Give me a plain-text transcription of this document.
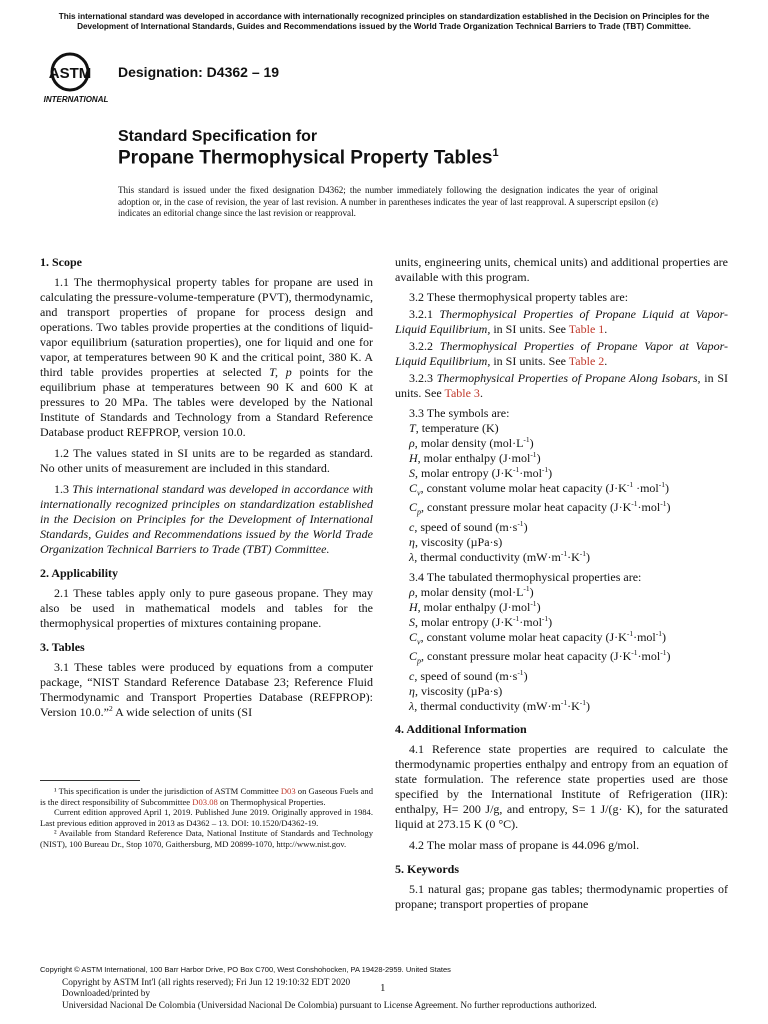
This international standard was developed in accordance with internationally recognized principles on standardization established in the Decision on Principles for the Development of International Standards, Guides and Recommendations issued by the World Trade Organization Technical Barriers to Trade (TBT) Committee.
ASTM
INTERNATIONAL
Designation: D4362 – 19
Standard Specification for
Propane Thermophysical Property Tables$^1$
This standard is issued under the fixed designation D4362; the number immediately following the designation indicates the year of original adoption or, in the case of revision, the year of last revision. A number in parentheses indicates the year of last reapproval. A superscript epsilon (ε) indicates an editorial change since the last revision or reapproval.
1. Scope

1.1 The thermophysical property tables for propane are used in calculating the pressure-volume-temperature (PVT), thermodynamic, and transport properties of propane for process design and operations. Two tables provide properties at the conditions of liquid-vapor equilibrium (saturation properties), one for liquid and one for vapor, at temperatures between 90 K and the critical point, 380 K. A third table provides properties at selected T, p points for the equilibrium phase at temperatures between 90 K and 600 K at pressures to 20 MPa. The tables were developed by the National Institute of Standards and Technology from a Standard Reference Database product REFPROP, version 10.0.

1.2 The values stated in SI units are to be regarded as standard. No other units of measurement are included in this standard.

1.3 This international standard was developed in accordance with internationally recognized principles on standardization established in the Decision on Principles for the Development of International Standards, Guides and Recommendations issued by the World Trade Organization Technical Barriers to Trade (TBT) Committee.

2. Applicability

2.1 These tables apply only to pure gaseous propane. They may also be used in mathematical models and tables for the thermophysical properties of mixtures containing propane.

3. Tables

3.1 These tables were produced by equations from a computer package, “NIST Standard Reference Database 23; Reference Fluid Thermodynamic and Transport Properties Database (REFPROP): Version 10.0.”$^2$ A wide selection of units (SI

¹ This specification is under the jurisdiction of ASTM Committee D03 on Gaseous Fuels and is the direct responsibility of Subcommittee D03.08 on Thermophysical Properties.

Current edition approved April 1, 2019. Published June 2019. Originally approved in 1984. Last previous edition approved in 2013 as D4362 – 13. DOI: 10.1520/D4362-19.

² Available from Standard Reference Data, National Institute of Standards and Technology (NIST), 100 Bureau Dr., Stop 1070, Gaithersburg, MD 20899-1070, http://www.nist.gov.

units, engineering units, chemical units) and additional properties are available with this program.

3.2 These thermophysical property tables are:

3.2.1 Thermophysical Properties of Propane Liquid at Vapor-Liquid Equilibrium, in SI units. See Table 1.

3.2.2 Thermophysical Properties of Propane Vapor at Vapor-Liquid Equilibrium, in SI units. See Table 2.

3.2.3 Thermophysical Properties of Propane Along Isobars, in SI units. See Table 3.

3.3 The symbols are:

T, temperature (K)
ρ, molar density $(mol\cdot L^{-1})$
H, molar enthalpy (J·mol$^{-1}$)
S, molar entropy $(J\cdot K^{-1}\cdot mol^{-1})$
$C_v$, constant volume molar heat capacity $(J\cdot K^{-1} \cdot mol^{-1})$
$C_p$, constant pressure molar heat capacity $(J\cdot K^{-1}\cdot mol^{-1})$
c, speed of sound $(m\cdot s^{-1})$
η, viscosity (µPa·s)
λ, thermal conductivity $(mW\cdot m^{-1}\cdot K^{-1})$

3.4 The tabulated thermophysical properties are:

ρ, molar density $(mol\cdot L^{-1})$
H, molar enthalpy (J·mol$^{-1}$)
S, molar entropy $(J\cdot K^{-1}\cdot mol^{-1})$
$C_v$, constant volume molar heat capacity $(J\cdot K^{-1}\cdot mol^{-1})$
$C_p$, constant pressure molar heat capacity $(J\cdot K^{-1}\cdot mol^{-1})$
c, speed of sound $(m\cdot s^{-1})$
η, viscosity (µPa·s)
λ, thermal conductivity $(mW\cdot m^{-1}\cdot K^{-1})$
4. Additional Information

4.1 Reference state properties are required to calculate the thermodynamic properties enthalpy and entropy from an equation of state formulation. The reference state properties used are those specified by the International Institute of Refrigeration (IIR): enthalpy, H= 200 J/g, and entropy, S= 1 J/(g· K), for the saturated liquid at 273.15 K (0 °C).

4.2 The molar mass of propane is 44.096 g/mol.

5. Keywords

5.1 natural gas; propane gas tables; thermodynamic properties of propane; transport properties of propane

Copyright © ASTM International, 100 Barr Harbor Drive, PO Box C700, West Conshohocken, PA 19428-2959. United States
Copyright by ASTM Int'l (all rights reserved); Fri Jun 12 19:10:32 EDT 2020
Downloaded/printed by
Universidad Nacional De Colombia (Universidad Nacional De Colombia) pursuant to License Agreement. No further reproductions authorized.
1
